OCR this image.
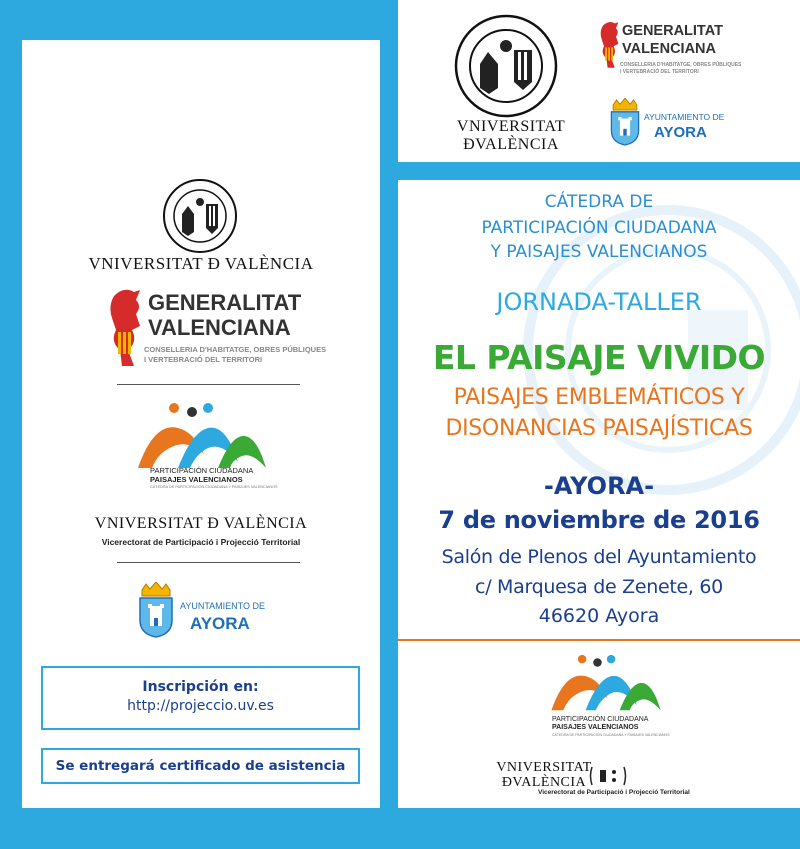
VNIVERSITAT Ð VALÈNCIA
GENERALITAT
VALENCIANA
CONSELLERIA D'HABITATGE, OBRES PÚBLIQUES
I VERTEBRACIÓ DEL TERRITORI
PARTICIPACIÓN CIUDADANA
PAISAJES VALENCIANOS
CÁTEDRA DE PARTICIPACIÓN CIUDADANA Y PAISAJES VALENCIANOS
VNIVERSITAT Ð VALÈNCIA
Vicerectorat de Participació i Projecció Territorial
AYUNTAMIENTO DE
AYORA
Inscripción en:
http://projeccio.uv.es
Se entregará certificado de asistencia
VNIVERSITAT
ÐVALÈNCIA
GENERALITAT
VALENCIANA
CONSELLERIA D'HABITATGE, OBRES PÚBLIQUES
I VERTEBRACIÓ DEL TERRITORI
AYUNTAMIENTO DE
AYORA
CÁTEDRA DE
PARTICIPACIÓN CIUDADANA
Y PAISAJES VALENCIANOS
JORNADA-TALLER
EL PAISAJE VIVIDO
PAISAJES EMBLEMÁTICOS Y
DISONANCIAS PAISAJÍSTICAS
-AYORA-
7 de noviembre de 2016
Salón de Plenos del Ayuntamiento
c/ Marquesa de Zenete, 60
46620 Ayora
PARTICIPACIÓN CIUDADANA
PAISAJES VALENCIANOS
CÁTEDRA DE PARTICIPACIÓN CIUDADANA Y PAISAJES VALENCIANOS
VNIVERSITAT
ÐVALÈNCIA
Vicerectorat de Participació i Projecció Territorial
